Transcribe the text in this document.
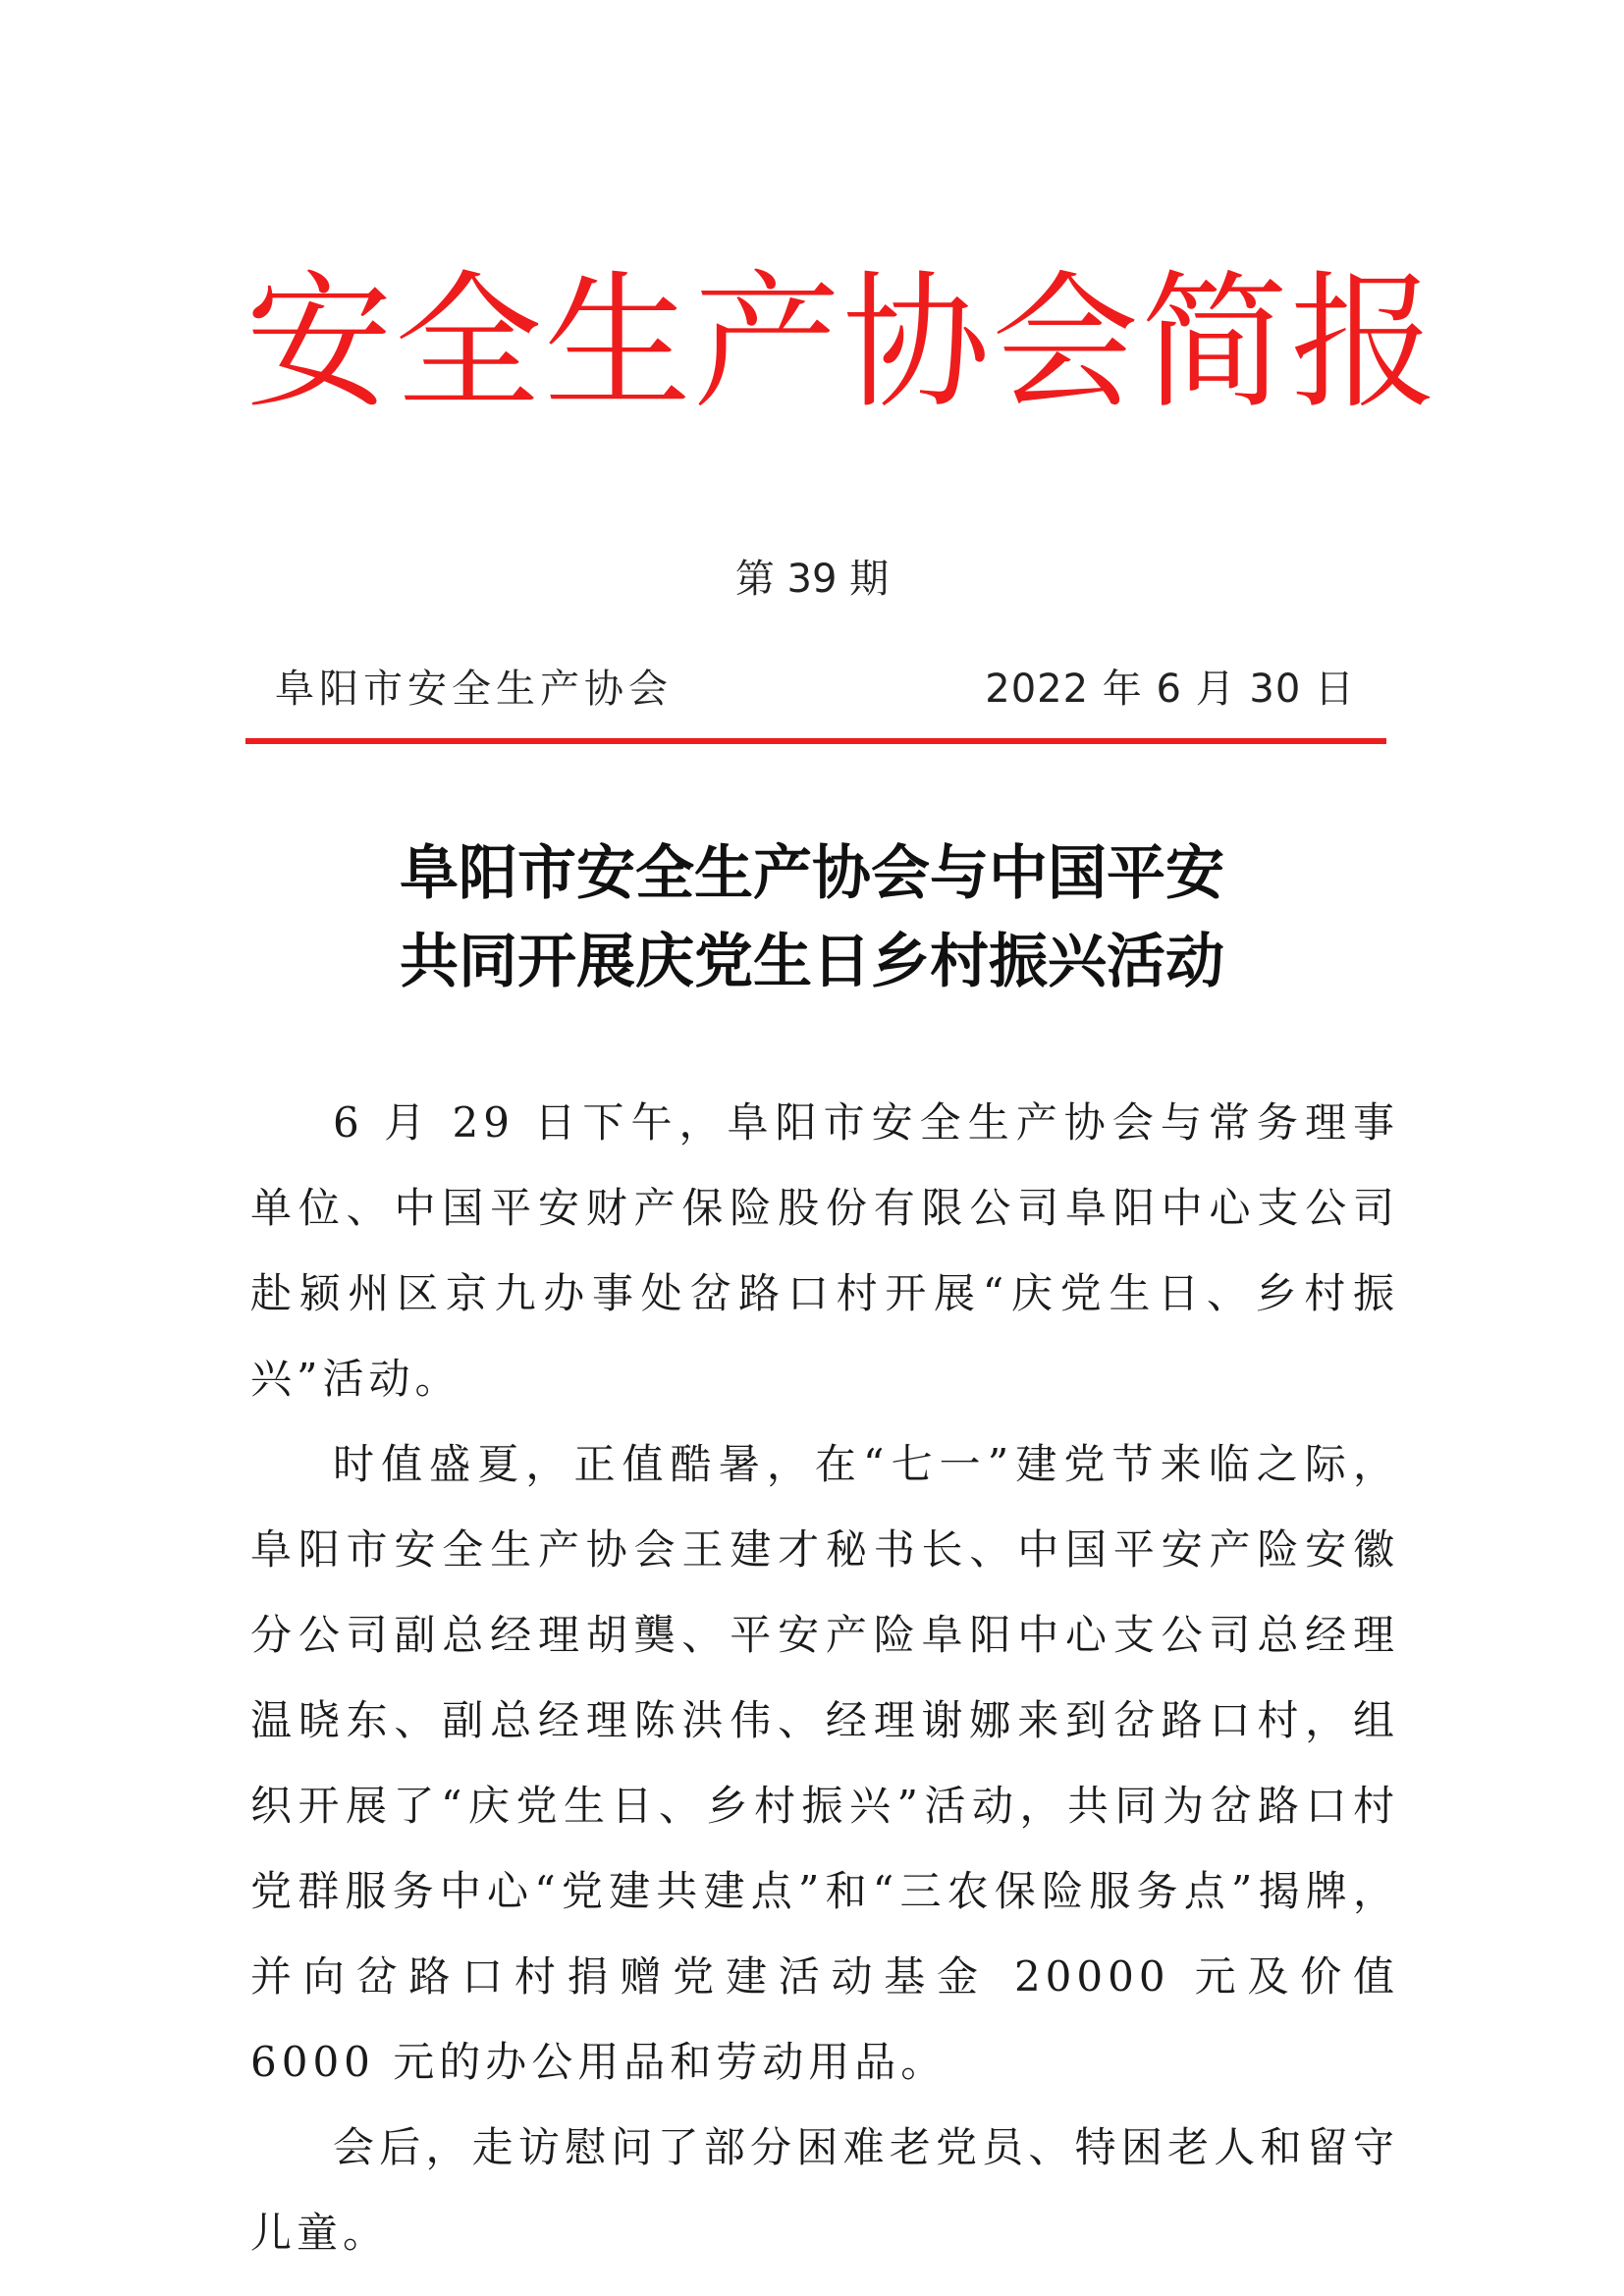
安全生产协会简报
第 39 期
阜阳市安全生产协会	2022 年 6 月 30 日
阜阳市安全生产协会与中国平安
共同开展庆党生日乡村振兴活动

6 月 29 日下午，阜阳市安全生产协会与常务理事单位、中国平安财产保险股份有限公司阜阳中心支公司赴颍州区京九办事处岔路口村开展“庆党生日、乡村振兴”活动。

时值盛夏，正值酷暑，在“七一”建党节来临之际，阜阳市安全生产协会王建才秘书长、中国平安产险安徽分公司副总经理胡龑、平安产险阜阳中心支公司总经理温晓东、副总经理陈洪伟、经理谢娜来到岔路口村，组织开展了“庆党生日、乡村振兴”活动，共同为岔路口村党群服务中心“党建共建点”和“三农保险服务点”揭牌，并向岔路口村捐赠党建活动基金 20000 元及价值 6000 元的办公用品和劳动用品。

会后，走访慰问了部分困难老党员、特困老人和留守儿童。
